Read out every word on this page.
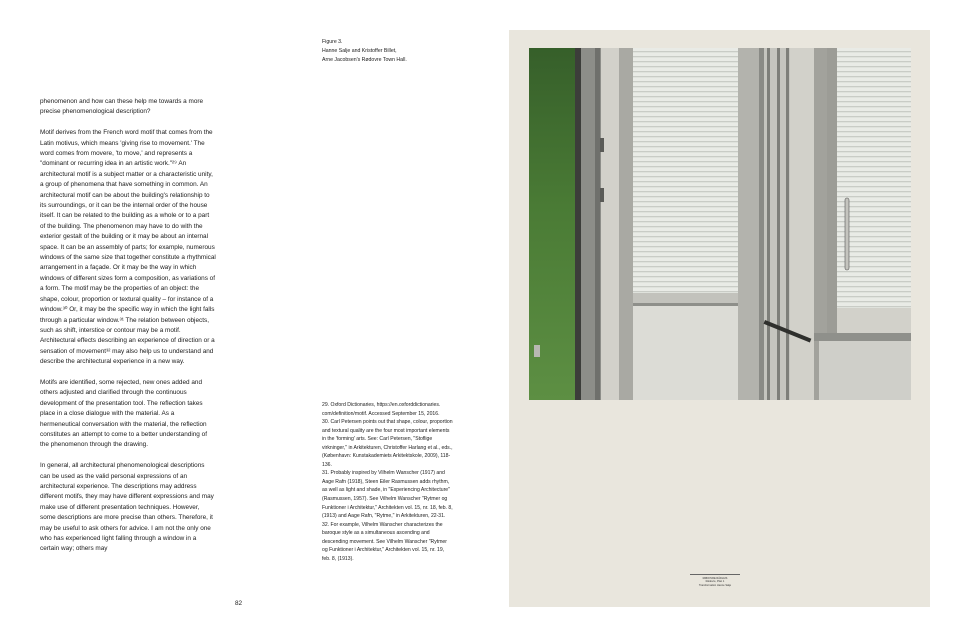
phenomenon and how can these help me towards a more precise phenomenological description?

Motif derives from the French word motif that comes from the Latin motivus, which means 'giving rise to movement.' The word comes from movere, 'to move,' and represents a "dominant or recurring idea in an artistic work."²⁹ An architectural motif is a subject matter or a characteristic unity, a group of phenomena that have something in common. An architectural motif can be about the building's relationship to its surroundings, or it can be the internal order of the house itself. It can be related to the building as a whole or to a part of the building. The phenomenon may have to do with the exterior gestalt of the building or it may be about an internal space. It can be an assembly of parts; for example, numerous windows of the same size that together constitute a rhythmical arrangement in a façade. Or it may be the way in which windows of different sizes form a composition, as variations of a form. The motif may be the properties of an object: the shape, colour, proportion or textural quality – for instance of a window.³⁰ Or, it may be the specific way in which the light falls through a particular window.³¹ The relation between objects, such as shift, interstice or contour may be a motif. Architectural effects describing an experience of direction or a sensation of movement³² may also help us to understand and describe the architectural experience in a new way.

Motifs are identified, some rejected, new ones added and others adjusted and clarified through the continuous development of the presentation tool. The reflection takes place in a close dialogue with the material. As a hermeneutical conversation with the material, the reflection constitutes an attempt to come to a better understanding of the phenomenon through the drawing.

In general, all architectural phenomenological descriptions can be used as the valid personal expressions of an architectural experience. The descriptions may address different motifs, they may have different expressions and may make use of different presentation techniques. However, some descriptions are more precise than others. Therefore, it may be useful to ask others for advice. I am not the only one who has experienced light falling through a window in a certain way; others may

Figure 3.
Hanne Salje and Kristoffer Billet,
Arne Jacobsen's Rødovre Town Hall.

29. Oxford Dictionaries, https://en.oxforddictionaries. com/definition/motif. Accessed September 15, 2016.

30. Carl Petersen points out that shape, colour, proportion and textural quality are the four most important elements in the 'forming' arts. See: Carl Petersen, "Stoflige virkninger," in Arkitekturen, Christoffer Harlang et al., eds., (København: Kunstakademiets Arkitektskole, 2009), 118-136.

31. Probably inspired by Vilhelm Wanscher (1917) and Aage Rafn (1918), Steen Eiler Rasmussen adds rhythm, as well as light and shade, in "Experiencing Architecture" (Rasmussen, 1957). See Vilhelm Wanscher "Rytmer og Funktioner i Architektur," Architekten vol. 15, nr. 18, feb. 8, (1913) and Aage Rafn, "Rytme," in Arkitekturen, 22-31.

32. For example, Vilhelm Wanscher characterizes the baroque style as a simultaneous ascending and descending movement. See Vilhelm Wanscher "Rytmer og Funktioner i Architektur," Architekten vol. 15, nr. 19, feb. 8, (1913).

82
RØDOVRE RÅDHUS
Rødovre, Plan 1
Transformation Hanne Salje
